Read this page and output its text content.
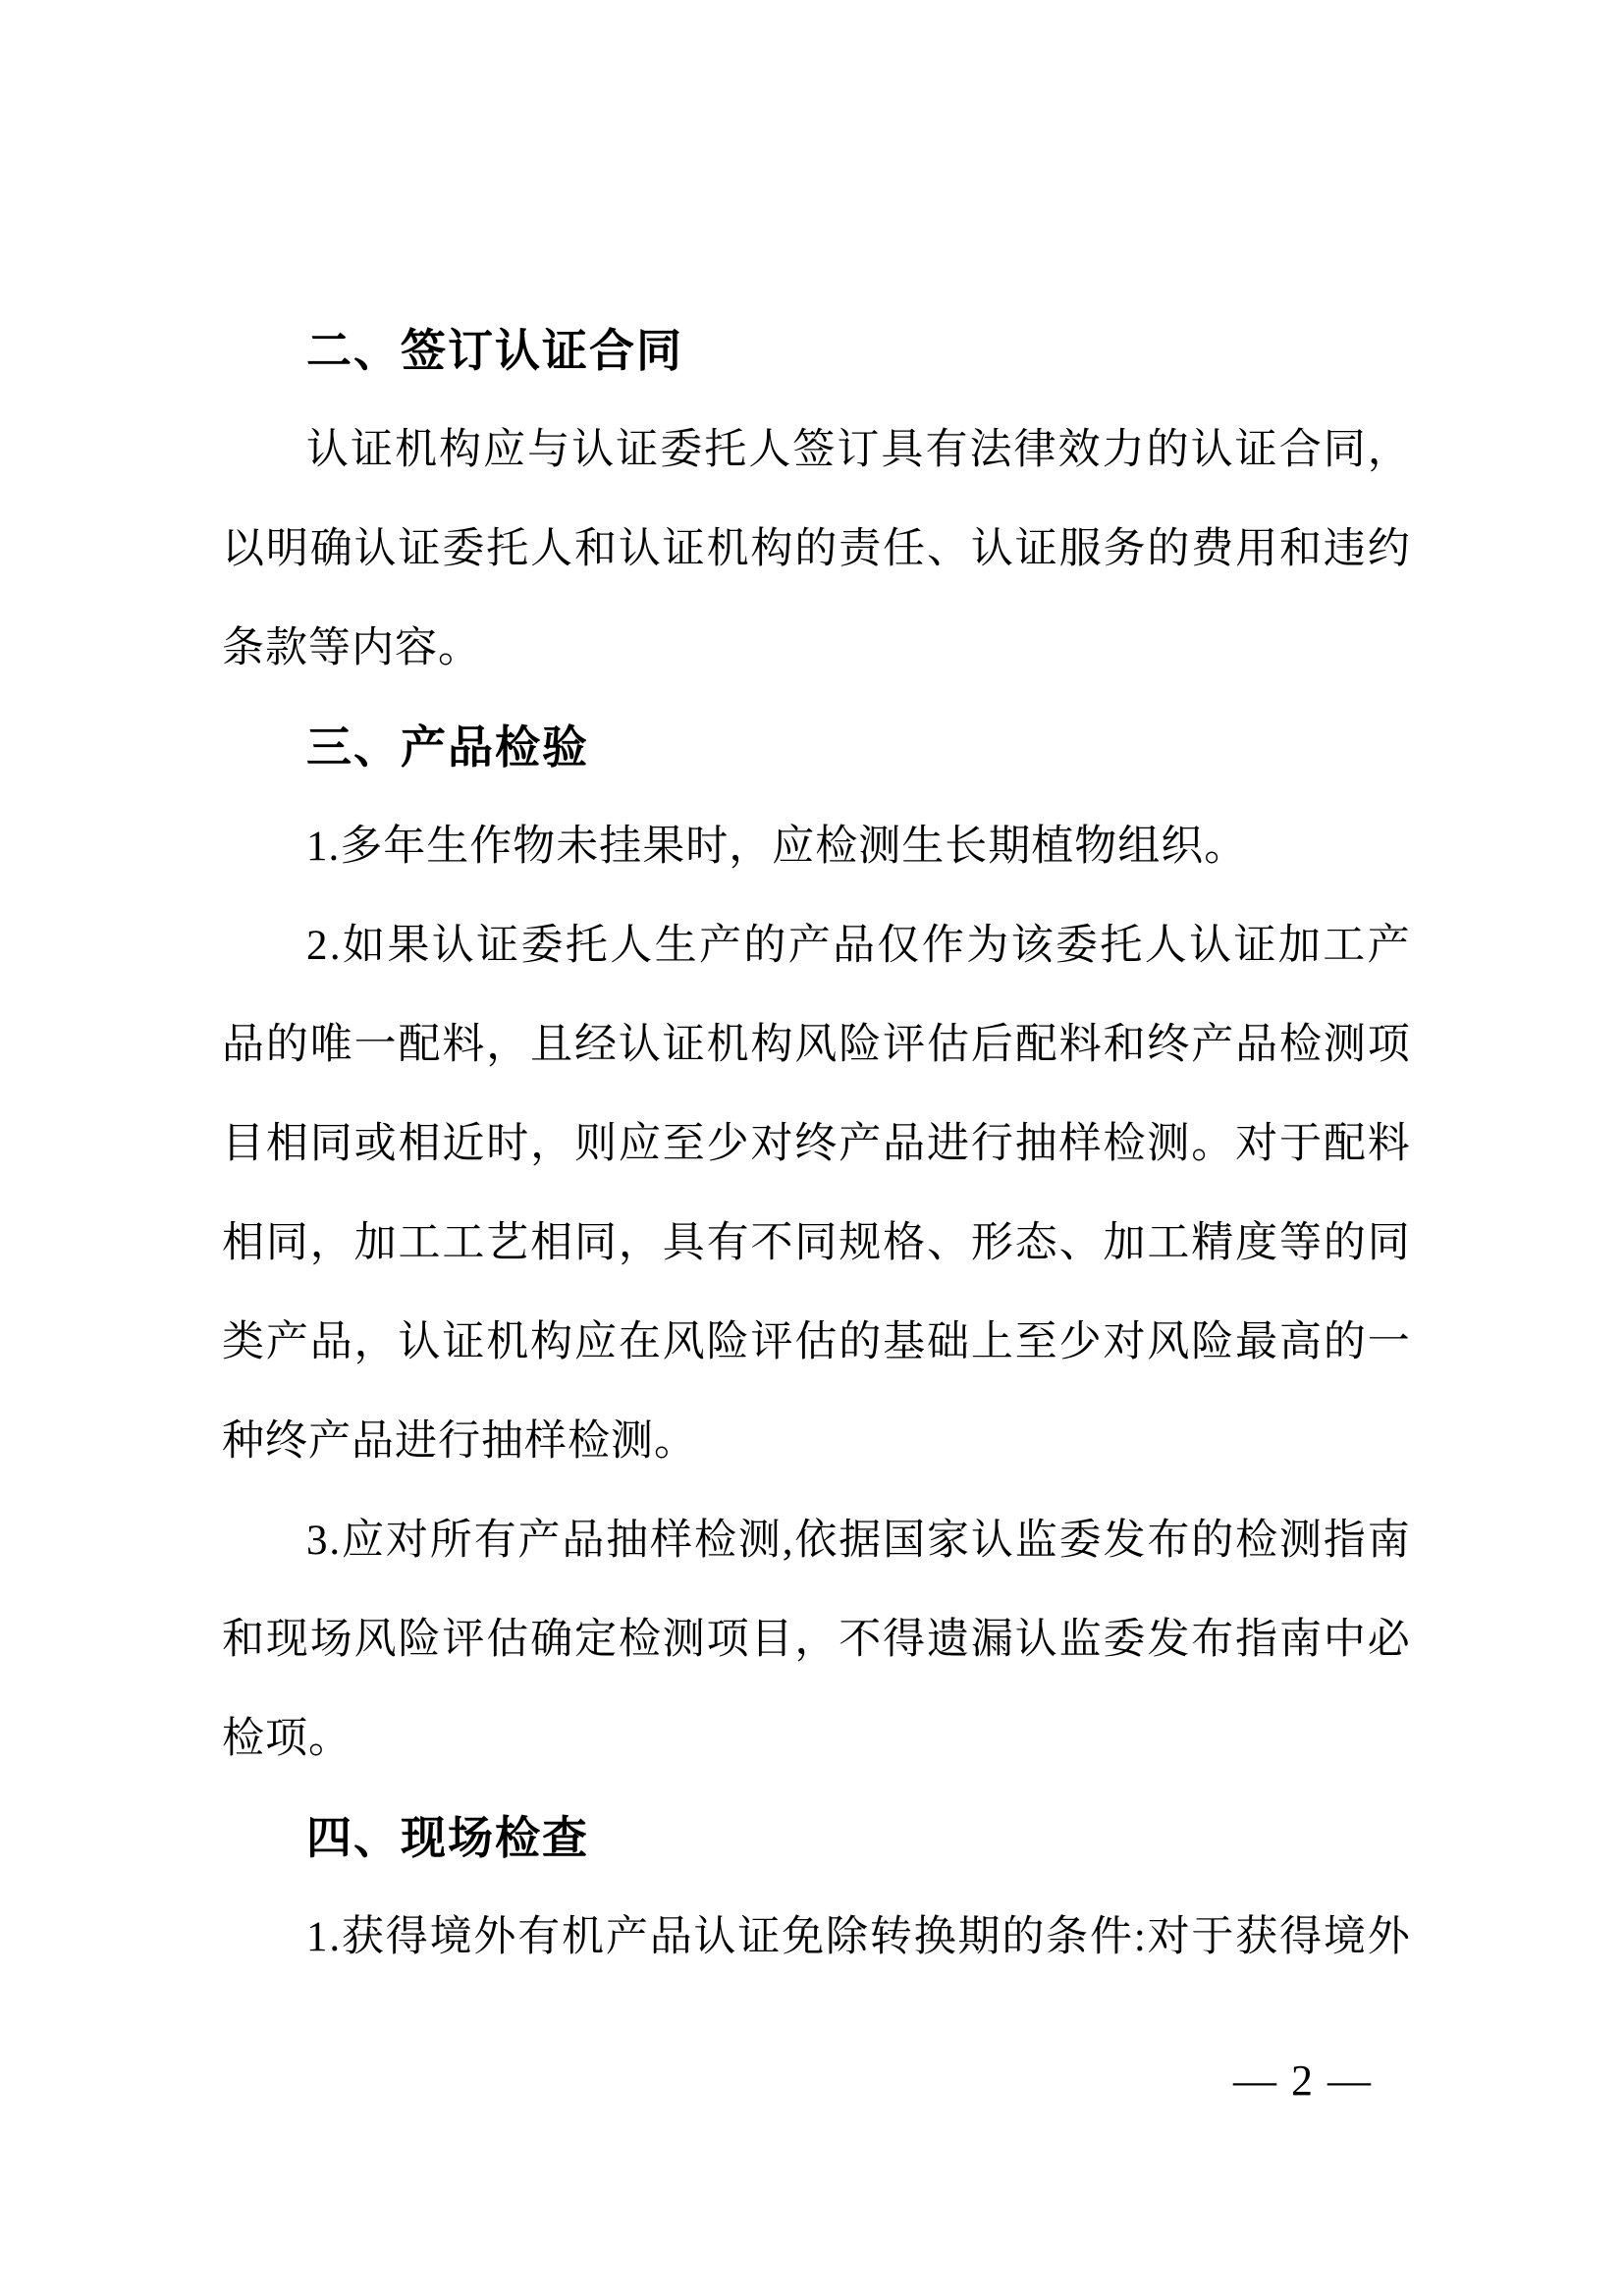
二、签订认证合同
认 证 机 构 应 与 认 证 委 托 人 签 订 具 有 法 律 效 力 的 认 证 合 同 ，
以 明 确 认 证 委 托 人 和 认 证 机 构 的 责 任 、 认 证 服 务 的 费 用 和 违 约
条款等内容。
三、产品检验
1.多年生作物未挂果时，应检测生长期植物组织。
2 . 如 果 认 证 委 托 人 生 产 的 产 品 仅 作 为 该 委 托 人 认 证 加 工 产
品 的 唯 一 配 料 ， 且 经 认 证 机 构 风 险 评 估 后 配 料 和 终 产 品 检 测 项
目 相 同 或 相 近 时 ， 则 应 至 少 对 终 产 品 进 行 抽 样 检 测 。 对 于 配 料
相 同 ， 加 工 工 艺 相 同 ， 具 有 不 同 规 格 、 形 态 、 加 工 精 度 等 的 同
类 产 品 ， 认 证 机 构 应 在 风 险 评 估 的 基 础 上 至 少 对 风 险 最 高 的 一
种终产品进行抽样检测。
3 . 应 对 所 有 产 品 抽 样 检 测 , 依 据 国 家 认 监 委 发 布 的 检 测 指 南
和 现 场 风 险 评 估 确 定 检 测 项 目 ， 不 得 遗 漏 认 监 委 发 布 指 南 中 必
检项。
四、现场检查
1 . 获 得 境 外 有 机 产 品 认 证 免 除 转 换 期 的 条 件 : 对 于 获 得 境 外
— 2 —
